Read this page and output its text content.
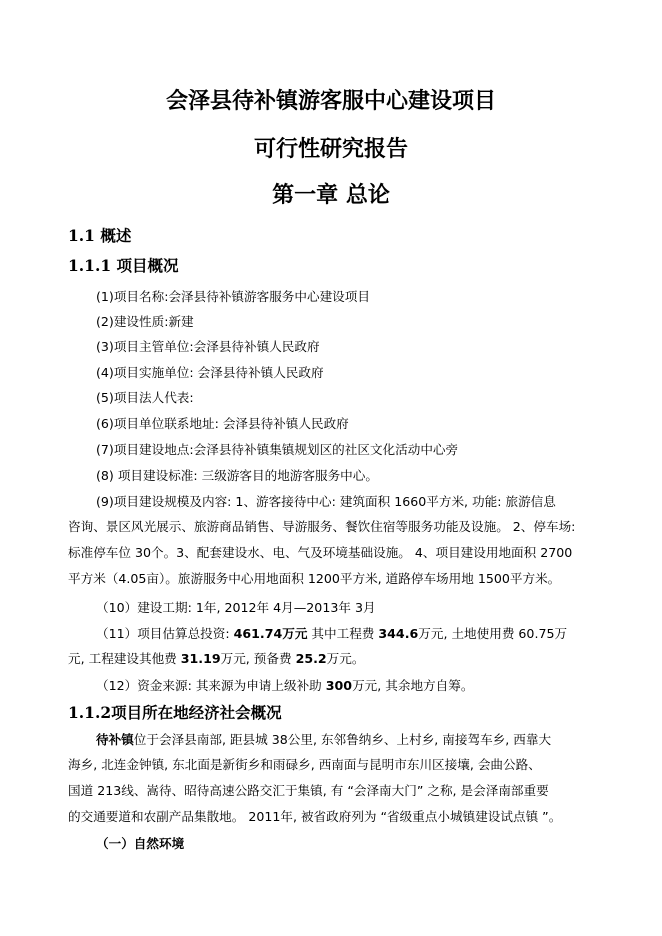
会泽县待补镇游客服中心建设项目
可行性研究报告
第一章 总论
1.1 概述
1.1.1 项目概况
(1)项目名称:会泽县待补镇游客服务中心建设项目
(2)建设性质:新建
(3)项目主管单位:会泽县待补镇人民政府
(4)项目实施单位: 会泽县待补镇人民政府
(5)项目法人代表:
(6)项目单位联系地址: 会泽县待补镇人民政府
(7)项目建设地点:会泽县待补镇集镇规划区的社区文化活动中心旁
(8) 项目建设标准: 三级游客目的地游客服务中心。
(9)项目建设规模及内容: 1、游客接待中心: 建筑面积 1660平方米, 功能: 旅游信息
咨询、景区风光展示、旅游商品销售、导游服务、餐饮住宿等服务功能及设施。 2、停车场:
标准停车位 30个。3、配套建设水、电、气及环境基础设施。 4、项目建设用地面积 2700
平方米（4.05亩）。旅游服务中心用地面积 1200平方米, 道路停车场用地 1500平方米。
（10）建设工期: 1年, 2012年 4月—2013年 3月
（11）项目估算总投资: 461.74万元 其中工程费 344.6万元, 土地使用费 60.75万
元, 工程建设其他费 31.19万元, 预备费 25.2万元。
（12）资金来源: 其来源为申请上级补助 300万元, 其余地方自筹。
1.1.2项目所在地经济社会概况
待补镇位于会泽县南部, 距县城 38公里, 东邻鲁纳乡、上村乡, 南接驾车乡, 西靠大
海乡, 北连金钟镇, 东北面是新街乡和雨碌乡, 西南面与昆明市东川区接壤, 会曲公路、
国道 213线、嵩待、昭待高速公路交汇于集镇, 有 “会泽南大门” 之称, 是会泽南部重要
的交通要道和农副产品集散地。 2011年, 被省政府列为 “省级重点小城镇建设试点镇 ”。
（一）自然环境
